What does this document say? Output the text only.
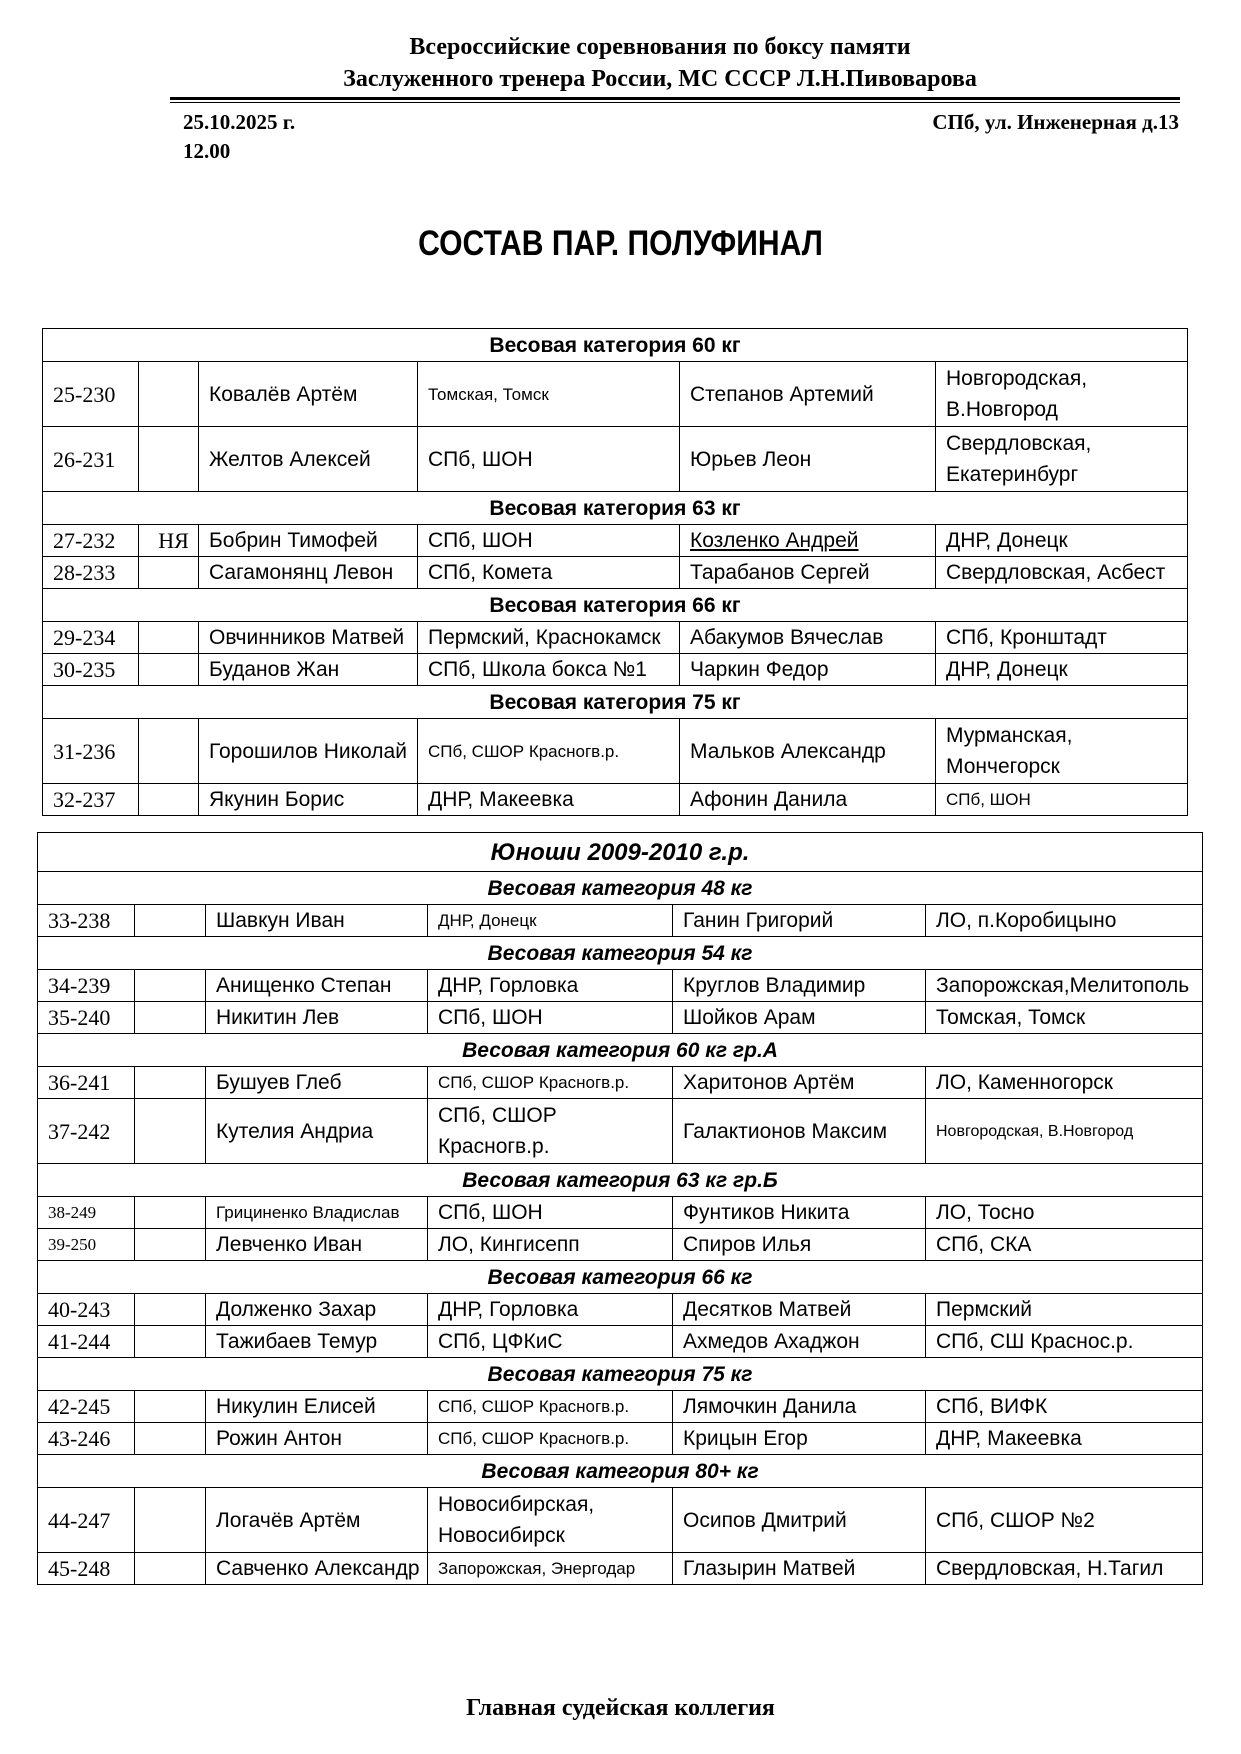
Всероссийские соревнования по боксу памяти
Заслуженного тренера России, МС СССР Л.Н.Пивоварова
25.10.2025 г.
12.00
СПб, ул. Инженерная д.13
СОСТАВ ПАР. ПОЛУФИНАЛ
Весовая категория 60 кг					
25-230		Ковалёв Артём	Томская, Томск	Степанов Артемий	Новгородская, В.Новгород
26-231		Желтов Алексей	СПб, ШОН	Юрьев Леон	Свердловская, Екатеринбург
Весовая категория 63 кг					
27-232	НЯ	Бобрин Тимофей	СПб, ШОН	Козленко Андрей	ДНР, Донецк
28-233		Сагамонянц Левон	СПб, Комета	Тарабанов Сергей	Свердловская, Асбест
Весовая категория 66 кг					
29-234		Овчинников Матвей	Пермский, Краснокамск	Абакумов Вячеслав	СПб, Кронштадт
30-235		Буданов Жан	СПб, Школа бокса №1	Чаркин Федор	ДНР, Донецк
Весовая категория 75 кг					
31-236		Горошилов Николай	СПб, СШОР Красногв.р.	Мальков Александр	Мурманская, Мончегорск
32-237		Якунин Борис	ДНР, Макеевка	Афонин Данила	СПб, ШОН
Юноши 2009-2010 г.р.					
Весовая категория 48 кг					
33-238		Шавкун Иван	ДНР, Донецк	Ганин Григорий	ЛО, п.Коробицыно
Весовая категория 54 кг					
34-239		Анищенко Степан	ДНР, Горловка	Круглов Владимир	Запорожская,Мелитополь
35-240		Никитин Лев	СПб, ШОН	Шойков Арам	Томская, Томск
Весовая категория 60 кг гр.А					
36-241		Бушуев Глеб	СПб, СШОР Красногв.р.	Харитонов Артём	ЛО, Каменногорск
37-242		Кутелия Андриа	СПб, СШОР Красногв.р.	Галактионов Максим	Новгородская, В.Новгород
Весовая категория 63 кг гр.Б					
38-249		Грициненко Владислав	СПб, ШОН	Фунтиков Никита	ЛО, Тосно
39-250		Левченко Иван	ЛО, Кингисепп	Спиров Илья	СПб, СКА
Весовая категория 66 кг					
40-243		Долженко Захар	ДНР, Горловка	Десятков Матвей	Пермский
41-244		Тажибаев Темур	СПб, ЦФКиС	Ахмедов Ахаджон	СПб, СШ Краснос.р.
Весовая категория 75 кг					
42-245		Никулин Елисей	СПб, СШОР Красногв.р.	Лямочкин Данила	СПб, ВИФК
43-246		Рожин Антон	СПб, СШОР Красногв.р.	Крицын Егор	ДНР, Макеевка
Весовая категория 80+ кг					
44-247		Логачёв Артём	Новосибирская, Новосибирск	Осипов Дмитрий	СПб, СШОР №2
45-248		Савченко Александр	Запорожская, Энергодар	Глазырин Матвей	Свердловская, Н.Тагил
Главная судейская коллегия
